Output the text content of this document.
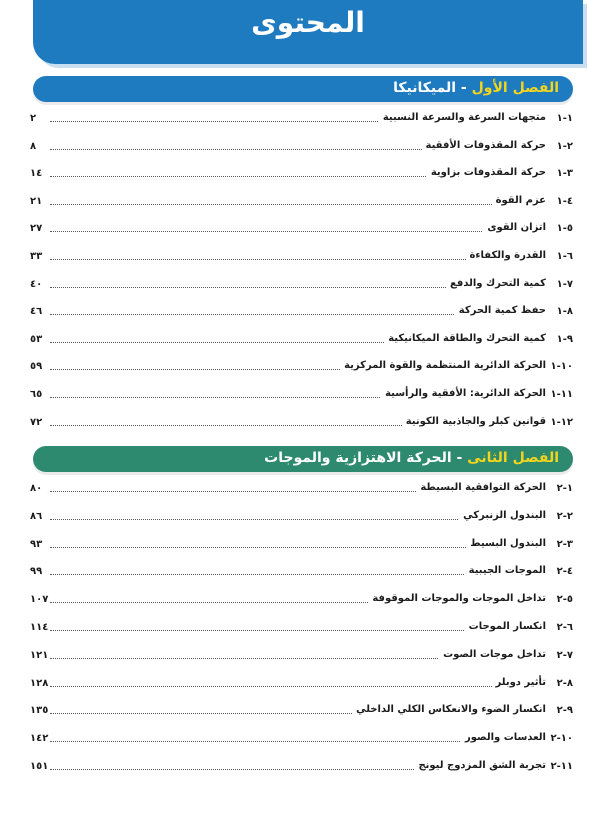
المحتوى
الفصل الأول - الميكانيكا
الفصل الثانى - الحركة الاهتزازية والموجات
١-١
متجهات السرعة والسرعة النسبية
٢
٢-١
حركة المقذوفات الأفقية
٨
٣-١
حركة المقذوفات بزاوية
١٤
٤-١
عزم القوة
٢١
٥-١
اتزان القوى
٢٧
٦-١
القدرة والكفاءة
٣٣
٧-١
كمية التحرك والدفع
٤٠
٨-١
حفظ كمية الحركة
٤٦
٩-١
كمية التحرك والطاقة الميكانيكية
٥٣
١٠-١
الحركة الدائرية المنتظمة والقوة المركزية
٥٩
١١-١
الحركة الدائرية: الأفقية والرأسية
٦٥
١٢-١
قوانين كبلر والجاذبية الكونية
٧٢
١-٢
الحركة التوافقية البسيطة
٨٠
٢-٢
البندول الزنبركي
٨٦
٣-٢
البندول البسيط
٩٣
٤-٢
الموجات الجيبية
٩٩
٥-٢
تداخل الموجات والموجات الموقوفة
١٠٧
٦-٢
انكسار الموجات
١١٤
٧-٢
تداخل موجات الصوت
١٢١
٨-٢
تأثير دوبلر
١٢٨
٩-٢
انكسار الضوء والانعكاس الكلي الداخلي
١٣٥
١٠-٢
العدسات والصور
١٤٢
١١-٢
تجربة الشق المزدوج ليونج
١٥١
